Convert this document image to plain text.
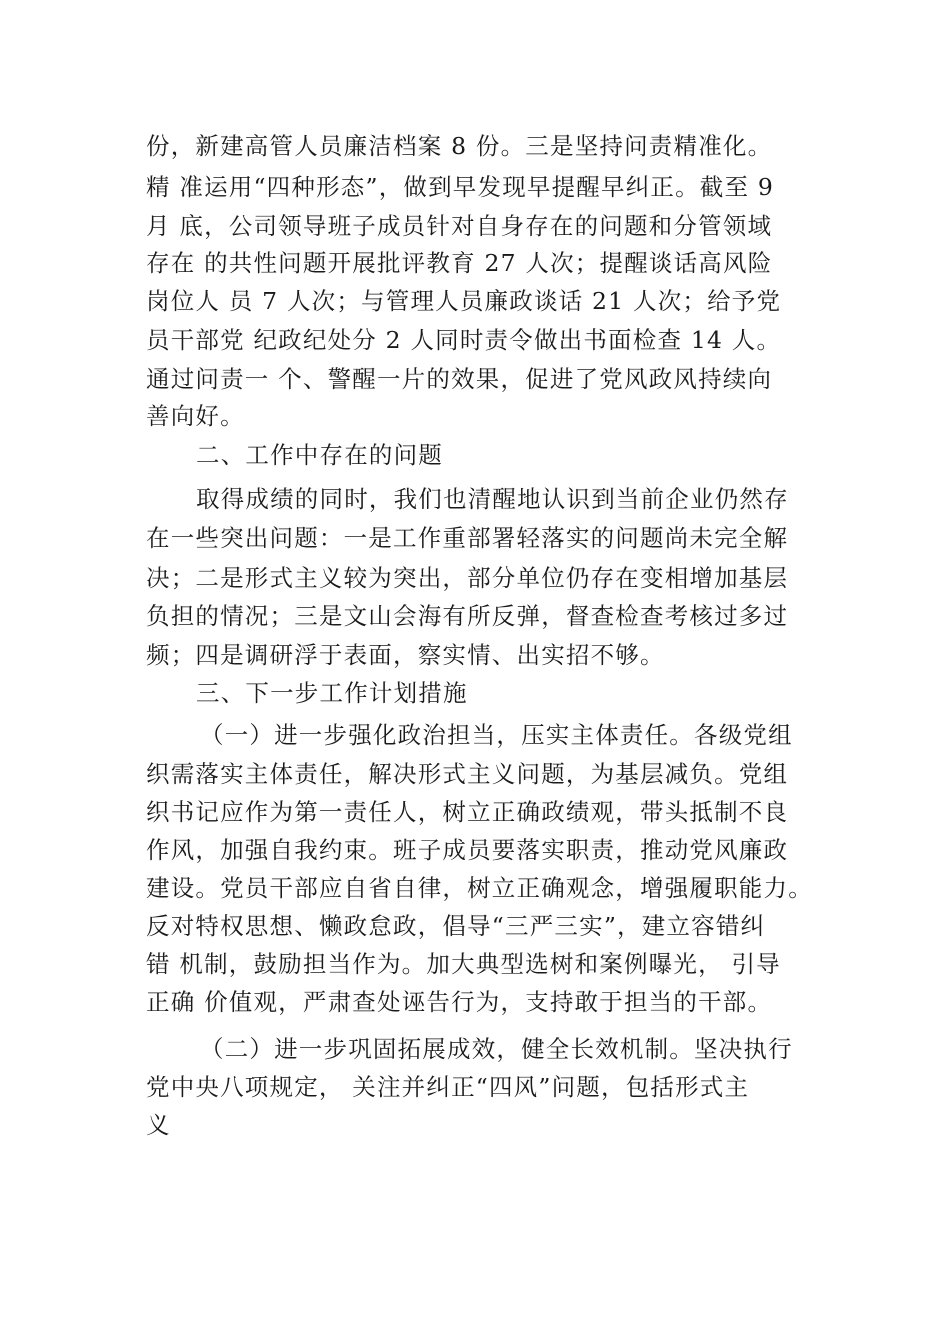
份，新建高管人员廉洁档案 8 份。三是坚持问责精准化。
精 准运用“四种形态”，做到早发现早提醒早纠正。截至 9
月 底，公司领导班子成员针对自身存在的问题和分管领域
存在 的共性问题开展批评教育 27 人次；提醒谈话高风险
岗位人 员 7 人次；与管理人员廉政谈话 21 人次；给予党
员干部党 纪政纪处分 2 人同时责令做出书面检查 14 人。
通过问责一 个、警醒一片的效果，促进了党风政风持续向
善向好。
二、工作中存在的问题
取得成绩的同时，我们也清醒地认识到当前企业仍然存
在一些突出问题：一是工作重部署轻落实的问题尚未完全解
决；二是形式主义较为突出，部分单位仍存在变相增加基层
负担的情况；三是文山会海有所反弹，督查检查考核过多过
频；四是调研浮于表面，察实情、出实招不够。
三、下一步工作计划措施
（一）进一步强化政治担当，压实主体责任。各级党组
织需落实主体责任，解决形式主义问题，为基层减负。党组
织书记应作为第一责任人，树立正确政绩观，带头抵制不良
作风，加强自我约束。班子成员要落实职责，推动党风廉政
建设。党员干部应自省自律，树立正确观念，增强履职能力。
反对特权思想、懒政怠政，倡导“三严三实”，建立容错纠
错 机制，鼓励担当作为。加大典型选树和案例曝光， 引导
正确 价值观，严肃查处诬告行为，支持敢于担当的干部。
（二）进一步巩固拓展成效，健全长效机制。坚决执行
党中央八项规定， 关注并纠正“四风”问题，包括形式主
义
